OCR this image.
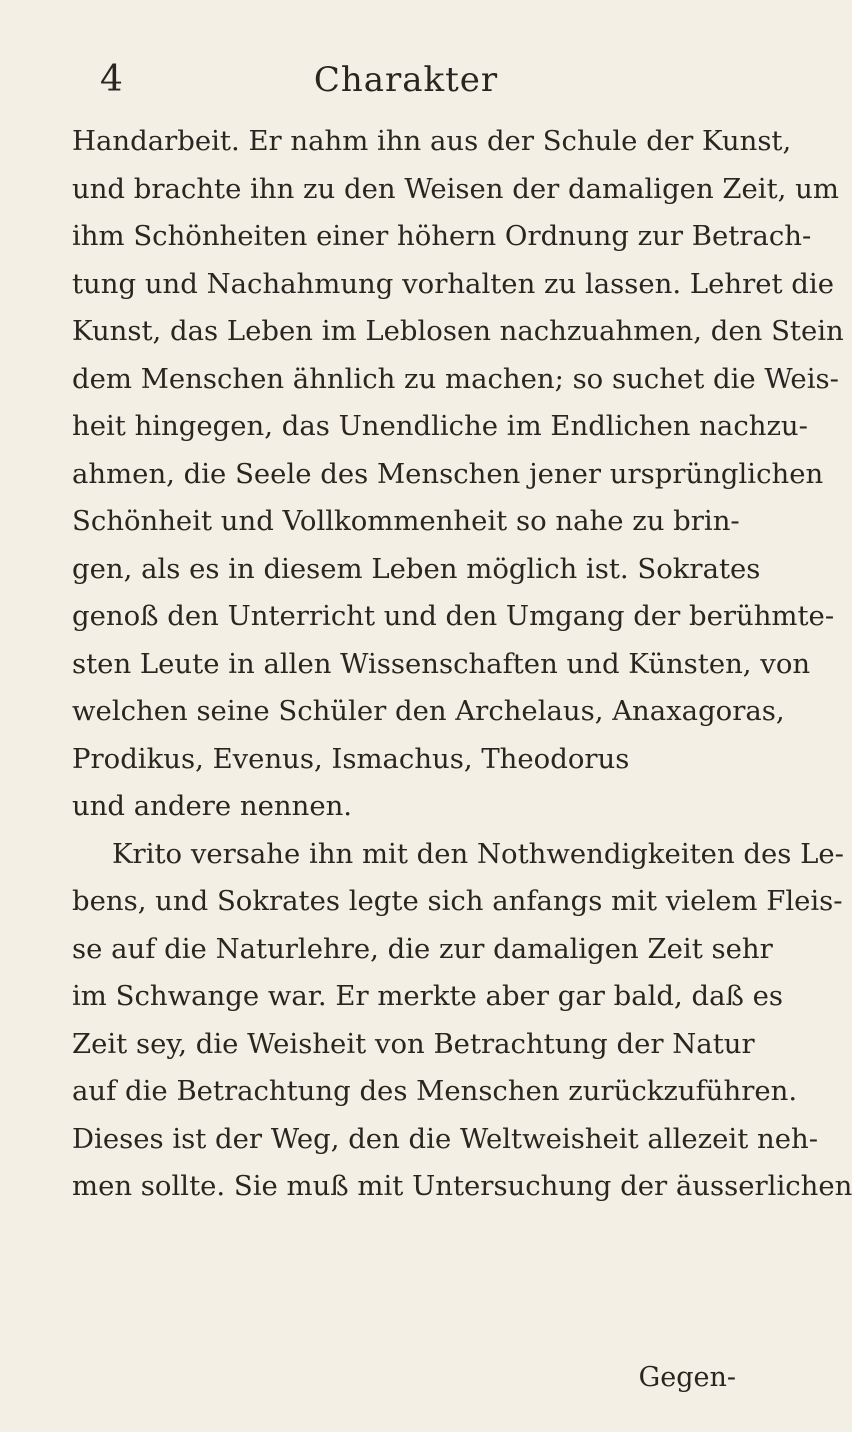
4	Charakter
Handarbeit. Er nahm ihn aus der Schule der Kunst,
und brachte ihn zu den Weisen der damaligen Zeit, um
ihm Schönheiten einer höhern Ordnung zur Betrach-
tung und Nachahmung vorhalten zu lassen. Lehret die
Kunst, das Leben im Leblosen nachzuahmen, den Stein
dem Menschen ähnlich zu machen; so suchet die Weis-
heit hingegen, das Unendliche im Endlichen nachzu-
ahmen, die Seele des Menschen jener ursprünglichen
Schönheit und Vollkommenheit so nahe zu brin-
gen, als es in diesem Leben möglich ist. Sokrates
genoß den Unterricht und den Umgang der berühmte-
sten Leute in allen Wissenschaften und Künsten, von
welchen seine Schüler den Archelaus, Anaxagoras,
Prodikus, Evenus, Ismachus, Theodorus
und andere nennen.
Krito versahe ihn mit den Nothwendigkeiten des Le-
bens, und Sokrates legte sich anfangs mit vielem Fleis-
se auf die Naturlehre, die zur damaligen Zeit sehr
im Schwange war. Er merkte aber gar bald, daß es
Zeit sey, die Weisheit von Betrachtung der Natur
auf die Betrachtung des Menschen zurückzuführen.
Dieses ist der Weg, den die Weltweisheit allezeit neh-
men sollte. Sie muß mit Untersuchung der äusserlichen
Gegen-
